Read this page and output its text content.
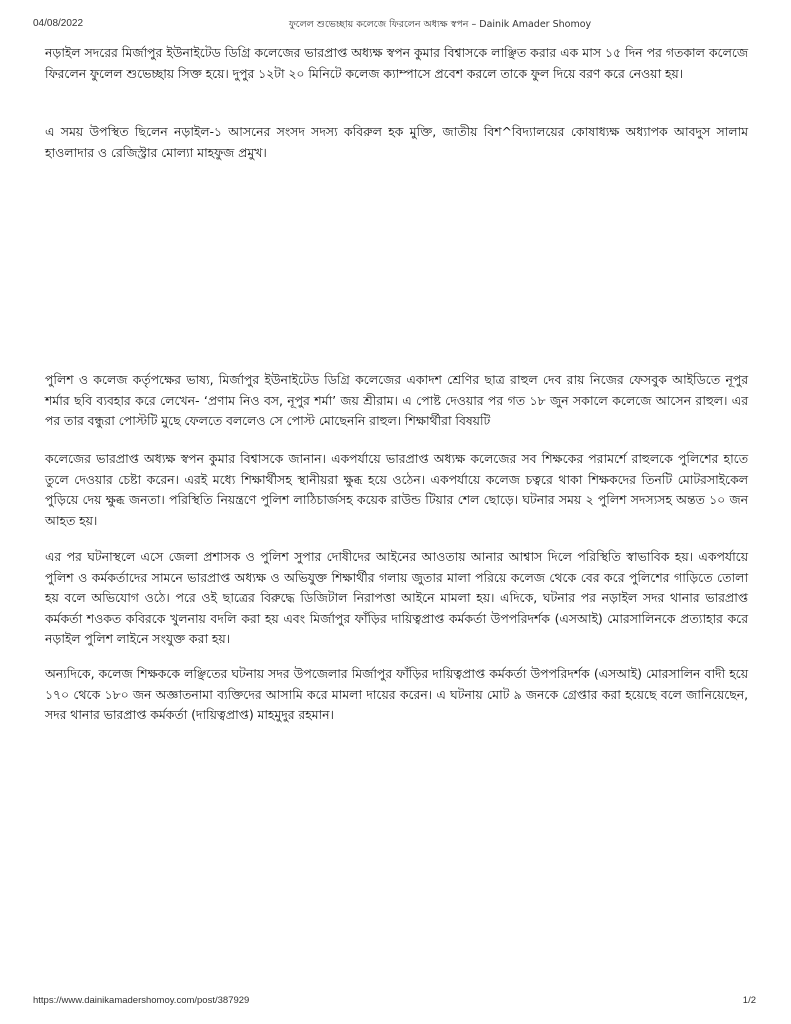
04/08/2022	ফুলেল শুভেচ্ছায় কলেজে ফিরলেন অধ্যক্ষ স্বপন – Dainik Amader Shomoy

নড়াইল সদরের মির্জাপুর ইউনাইটেড ডিগ্রি কলেজের ভারপ্রাপ্ত অধ্যক্ষ স্বপন কুমার বিশ্বাসকে লাঞ্ছিত করার এক মাস ১৫ দিন পর গতকাল কলেজে ফিরলেন ফুলেল শুভেচ্ছায় সিক্ত হয়ে। দুপুর ১২টা ২০ মিনিটে কলেজ ক্যাম্পাসে প্রবেশ করলে তাকে ফুল দিয়ে বরণ করে নেওয়া হয়।

এ সময় উপস্থিত ছিলেন নড়াইল-১ আসনের সংসদ সদস্য কবিরুল হক মুক্তি, জাতীয় বিশ^বিদ্যালয়ের কোষাধ্যক্ষ অধ্যাপক আবদুস সালাম হাওলাদার ও রেজিস্ট্রার মোল্যা মাহফুজ প্রমুখ।

পুলিশ ও কলেজ কর্তৃপক্ষের ভাষ্য, মির্জাপুর ইউনাইটেড ডিগ্রি কলেজের একাদশ শ্রেণির ছাত্র রাহুল দেব রায় নিজের ফেসবুক আইডিতে নূপুর শর্মার ছবি ব্যবহার করে লেখেন- ‘প্রণাম নিও বস, নূপুর শর্মা’ জয় শ্রীরাম। এ পোষ্ট দেওয়ার পর গত ১৮ জুন সকালে কলেজে আসেন রাহুল। এর পর তার বন্ধুরা পোস্টটি মুছে ফেলতে বললেও সে পোস্ট মোছেননি রাহুল। শিক্ষার্থীরা বিষয়টি

কলেজের ভারপ্রাপ্ত অধ্যক্ষ স্বপন কুমার বিশ্বাসকে জানান। একপর্যায়ে ভারপ্রাপ্ত অধ্যক্ষ কলেজের সব শিক্ষকের পরামর্শে রাহুলকে পুলিশের হাতে তুলে দেওয়ার চেষ্টা করেন। এরই মধ্যে শিক্ষার্থীসহ স্থানীয়রা ক্ষুব্ধ হয়ে ওঠেন। একপর্যায়ে কলেজ চত্বরে থাকা শিক্ষকদের তিনটি মোটরসাইকেল পুড়িয়ে দেয় ক্ষুব্ধ জনতা। পরিস্থিতি নিয়ন্ত্রণে পুলিশ লাঠিচার্জসহ কয়েক রাউন্ড টিয়ার শেল ছোড়ে। ঘটনার সময় ২ পুলিশ সদস্যসহ অন্তত ১০ জন আহত হয়।

এর পর ঘটনাস্থলে এসে জেলা প্রশাসক ও পুলিশ সুপার দোষীদের আইনের আওতায় আনার আশ্বাস দিলে পরিস্থিতি স্বাভাবিক হয়। একপর্যায়ে পুলিশ ও কর্মকর্তাদের সামনে ভারপ্রাপ্ত অধ্যক্ষ ও অভিযুক্ত শিক্ষার্থীর গলায় জুতার মালা পরিয়ে কলেজ থেকে বের করে পুলিশের গাড়িতে তোলা হয় বলে অভিযোগ ওঠে। পরে ওই ছাত্রের বিরুদ্ধে ডিজিটাল নিরাপত্তা আইনে মামলা হয়। এদিকে, ঘটনার পর নড়াইল সদর থানার ভারপ্রাপ্ত কর্মকর্তা শওকত কবিরকে খুলনায় বদলি করা হয় এবং মির্জাপুর ফাঁড়ির দায়িত্বপ্রাপ্ত কর্মকর্তা উপপরিদর্শক (এসআই) মোরসালিনকে প্রত্যাহার করে নড়াইল পুলিশ লাইনে সংযুক্ত করা হয়।

অন্যদিকে, কলেজ শিক্ষককে লঞ্ছিতের ঘটনায় সদর উপজেলার মির্জাপুর ফাঁড়ির দায়িত্বপ্রাপ্ত কর্মকর্তা উপপরিদর্শক (এসআই) মোরসালিন বাদী হয়ে ১৭০ থেকে ১৮০ জন অজ্ঞাতনামা ব্যক্তিদের আসামি করে মামলা দায়ের করেন। এ ঘটনায় মোট ৯ জনকে গ্রেপ্তার করা হয়েছে বলে জানিয়েছেন, সদর থানার ভারপ্রাপ্ত কর্মকর্তা (দায়িত্বপ্রাপ্ত) মাহমুদুর রহমান।

https://www.dainikamadershomoy.com/post/387929	1/2
